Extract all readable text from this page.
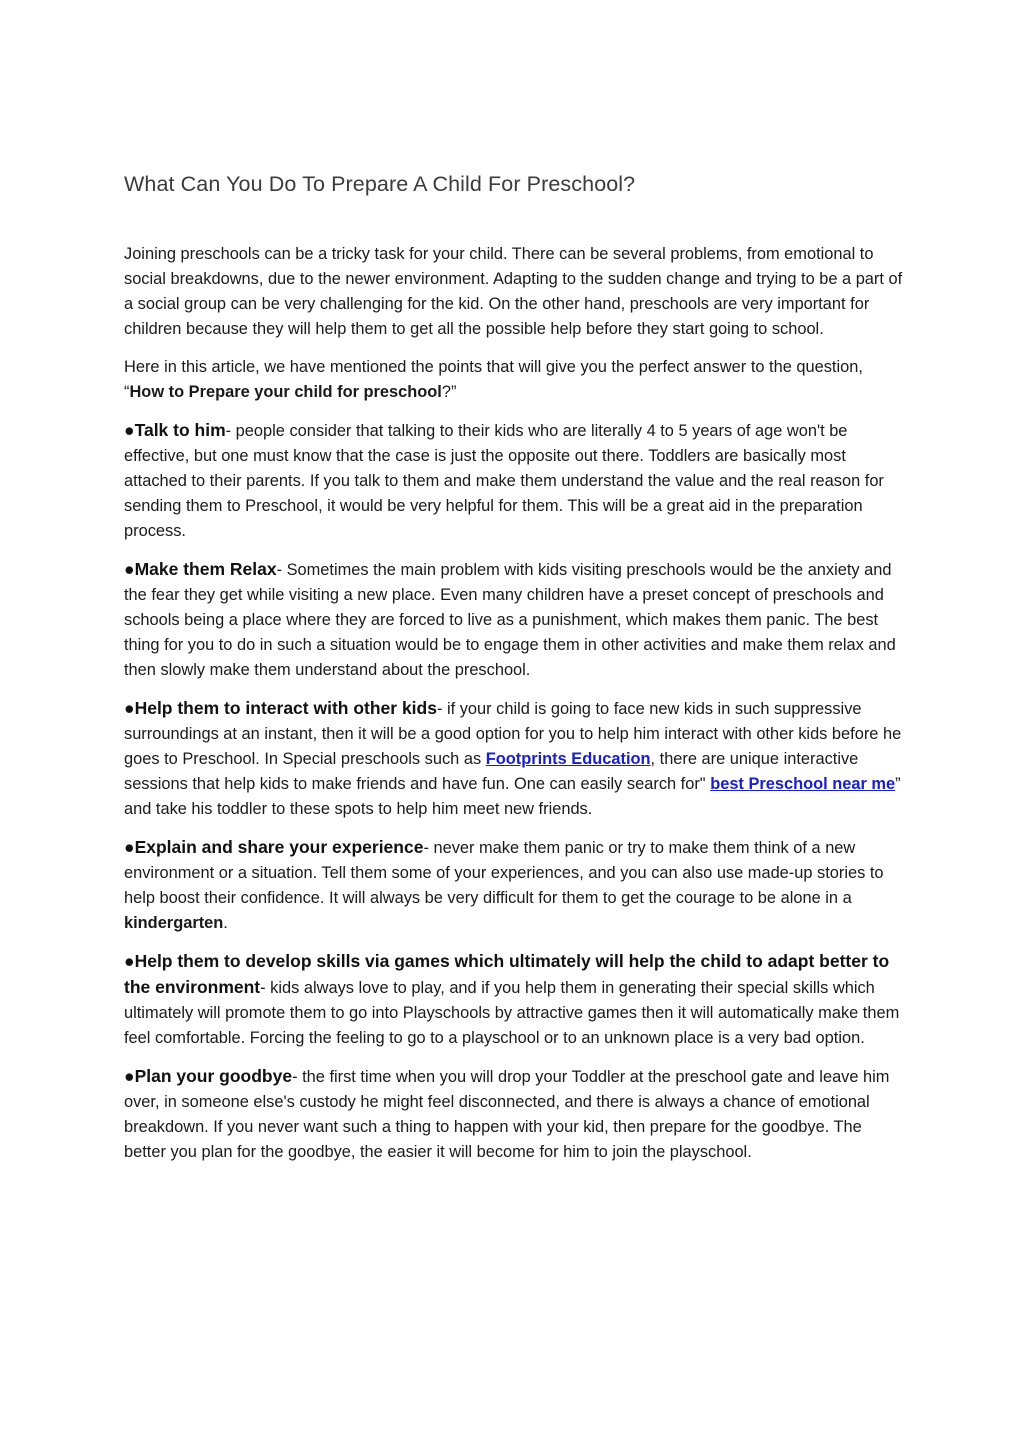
What Can You Do To Prepare A Child For Preschool?

Joining preschools can be a tricky task for your child. There can be several problems, from emotional to social breakdowns, due to the newer environment. Adapting to the sudden change and trying to be a part of a social group can be very challenging for the kid. On the other hand, preschools are very important for children because they will help them to get all the possible help before they start going to school.

Here in this article, we have mentioned the points that will give you the perfect answer to the question, “How to Prepare your child for preschool?”

●Talk to him- people consider that talking to their kids who are literally 4 to 5 years of age won't be effective, but one must know that the case is just the opposite out there. Toddlers are basically most attached to their parents. If you talk to them and make them understand the value and the real reason for sending them to Preschool, it would be very helpful for them. This will be a great aid in the preparation process.

●Make them Relax- Sometimes the main problem with kids visiting preschools would be the anxiety and the fear they get while visiting a new place. Even many children have a preset concept of preschools and schools being a place where they are forced to live as a punishment, which makes them panic. The best thing for you to do in such a situation would be to engage them in other activities and make them relax and then slowly make them understand about the preschool.

●Help them to interact with other kids- if your child is going to face new kids in such suppressive surroundings at an instant, then it will be a good option for you to help him interact with other kids before he goes to Preschool. In Special preschools such as Footprints Education, there are unique interactive sessions that help kids to make friends and have fun. One can easily search for" best Preschool near me” and take his toddler to these spots to help him meet new friends.

●Explain and share your experience- never make them panic or try to make them think of a new environment or a situation. Tell them some of your experiences, and you can also use made-up stories to help boost their confidence. It will always be very difficult for them to get the courage to be alone in a kindergarten.

●Help them to develop skills via games which ultimately will help the child to adapt better to the environment- kids always love to play, and if you help them in generating their special skills which ultimately will promote them to go into Playschools by attractive games then it will automatically make them feel comfortable. Forcing the feeling to go to a playschool or to an unknown place is a very bad option.

●Plan your goodbye- the first time when you will drop your Toddler at the preschool gate and leave him over, in someone else's custody he might feel disconnected, and there is always a chance of emotional breakdown. If you never want such a thing to happen with your kid, then prepare for the goodbye. The better you plan for the goodbye, the easier it will become for him to join the playschool.
